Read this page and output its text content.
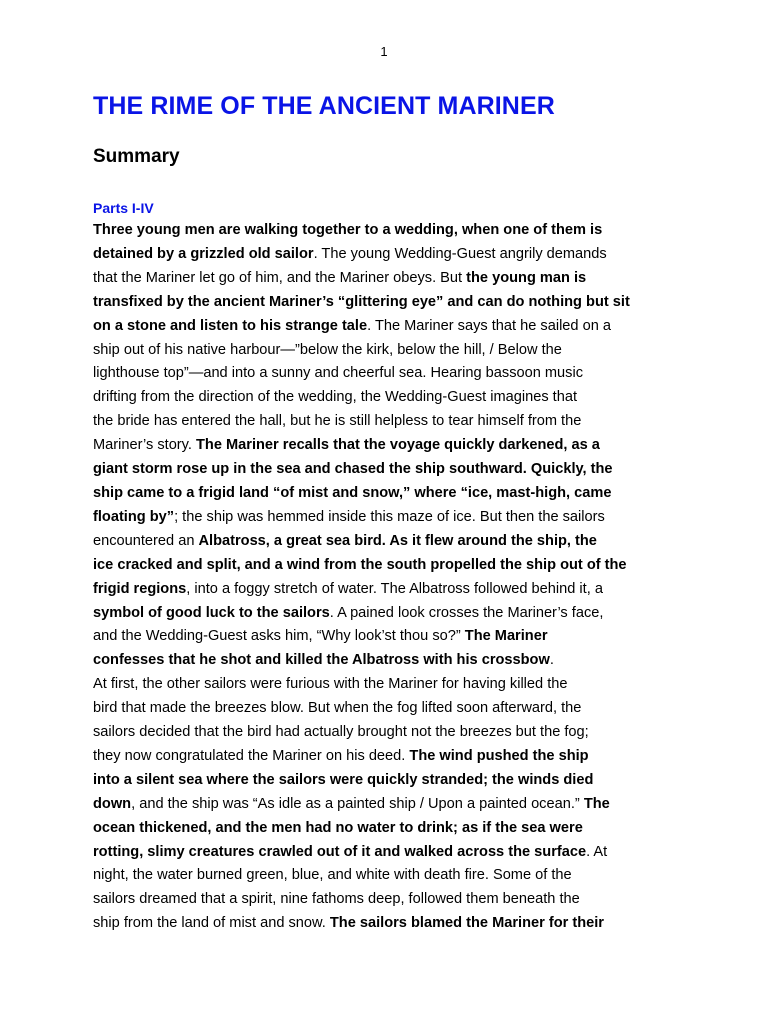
1
THE RIME OF THE ANCIENT MARINER
Summary
Parts I-IV
Three young men are walking together to a wedding, when one of them is
detained by a grizzled old sailor. The young Wedding-Guest angrily demands
that the Mariner let go of him, and the Mariner obeys. But the young man is
transfixed by the ancient Mariner’s “glittering eye” and can do nothing but sit
on a stone and listen to his strange tale. The Mariner says that he sailed on a
ship out of his native harbour—”below the kirk, below the hill, / Below the
lighthouse top”—and into a sunny and cheerful sea. Hearing bassoon music
drifting from the direction of the wedding, the Wedding-Guest imagines that
the bride has entered the hall, but he is still helpless to tear himself from the
Mariner’s story. The Mariner recalls that the voyage quickly darkened, as a
giant storm rose up in the sea and chased the ship southward. Quickly, the
ship came to a frigid land “of mist and snow,” where “ice, mast-high, came
floating by”; the ship was hemmed inside this maze of ice. But then the sailors
encountered an Albatross, a great sea bird. As it flew around the ship, the
ice cracked and split, and a wind from the south propelled the ship out of the
frigid regions, into a foggy stretch of water. The Albatross followed behind it, a
symbol of good luck to the sailors. A pained look crosses the Mariner’s face,
and the Wedding-Guest asks him, “Why look’st thou so?” The Mariner
confesses that he shot and killed the Albatross with his crossbow.
At first, the other sailors were furious with the Mariner for having killed the
bird that made the breezes blow. But when the fog lifted soon afterward, the
sailors decided that the bird had actually brought not the breezes but the fog;
they now congratulated the Mariner on his deed. The wind pushed the ship
into a silent sea where the sailors were quickly stranded; the winds died
down, and the ship was “As idle as a painted ship / Upon a painted ocean.” The
ocean thickened, and the men had no water to drink; as if the sea were
rotting, slimy creatures crawled out of it and walked across the surface. At
night, the water burned green, blue, and white with death fire. Some of the
sailors dreamed that a spirit, nine fathoms deep, followed them beneath the
ship from the land of mist and snow. The sailors blamed the Mariner for their
